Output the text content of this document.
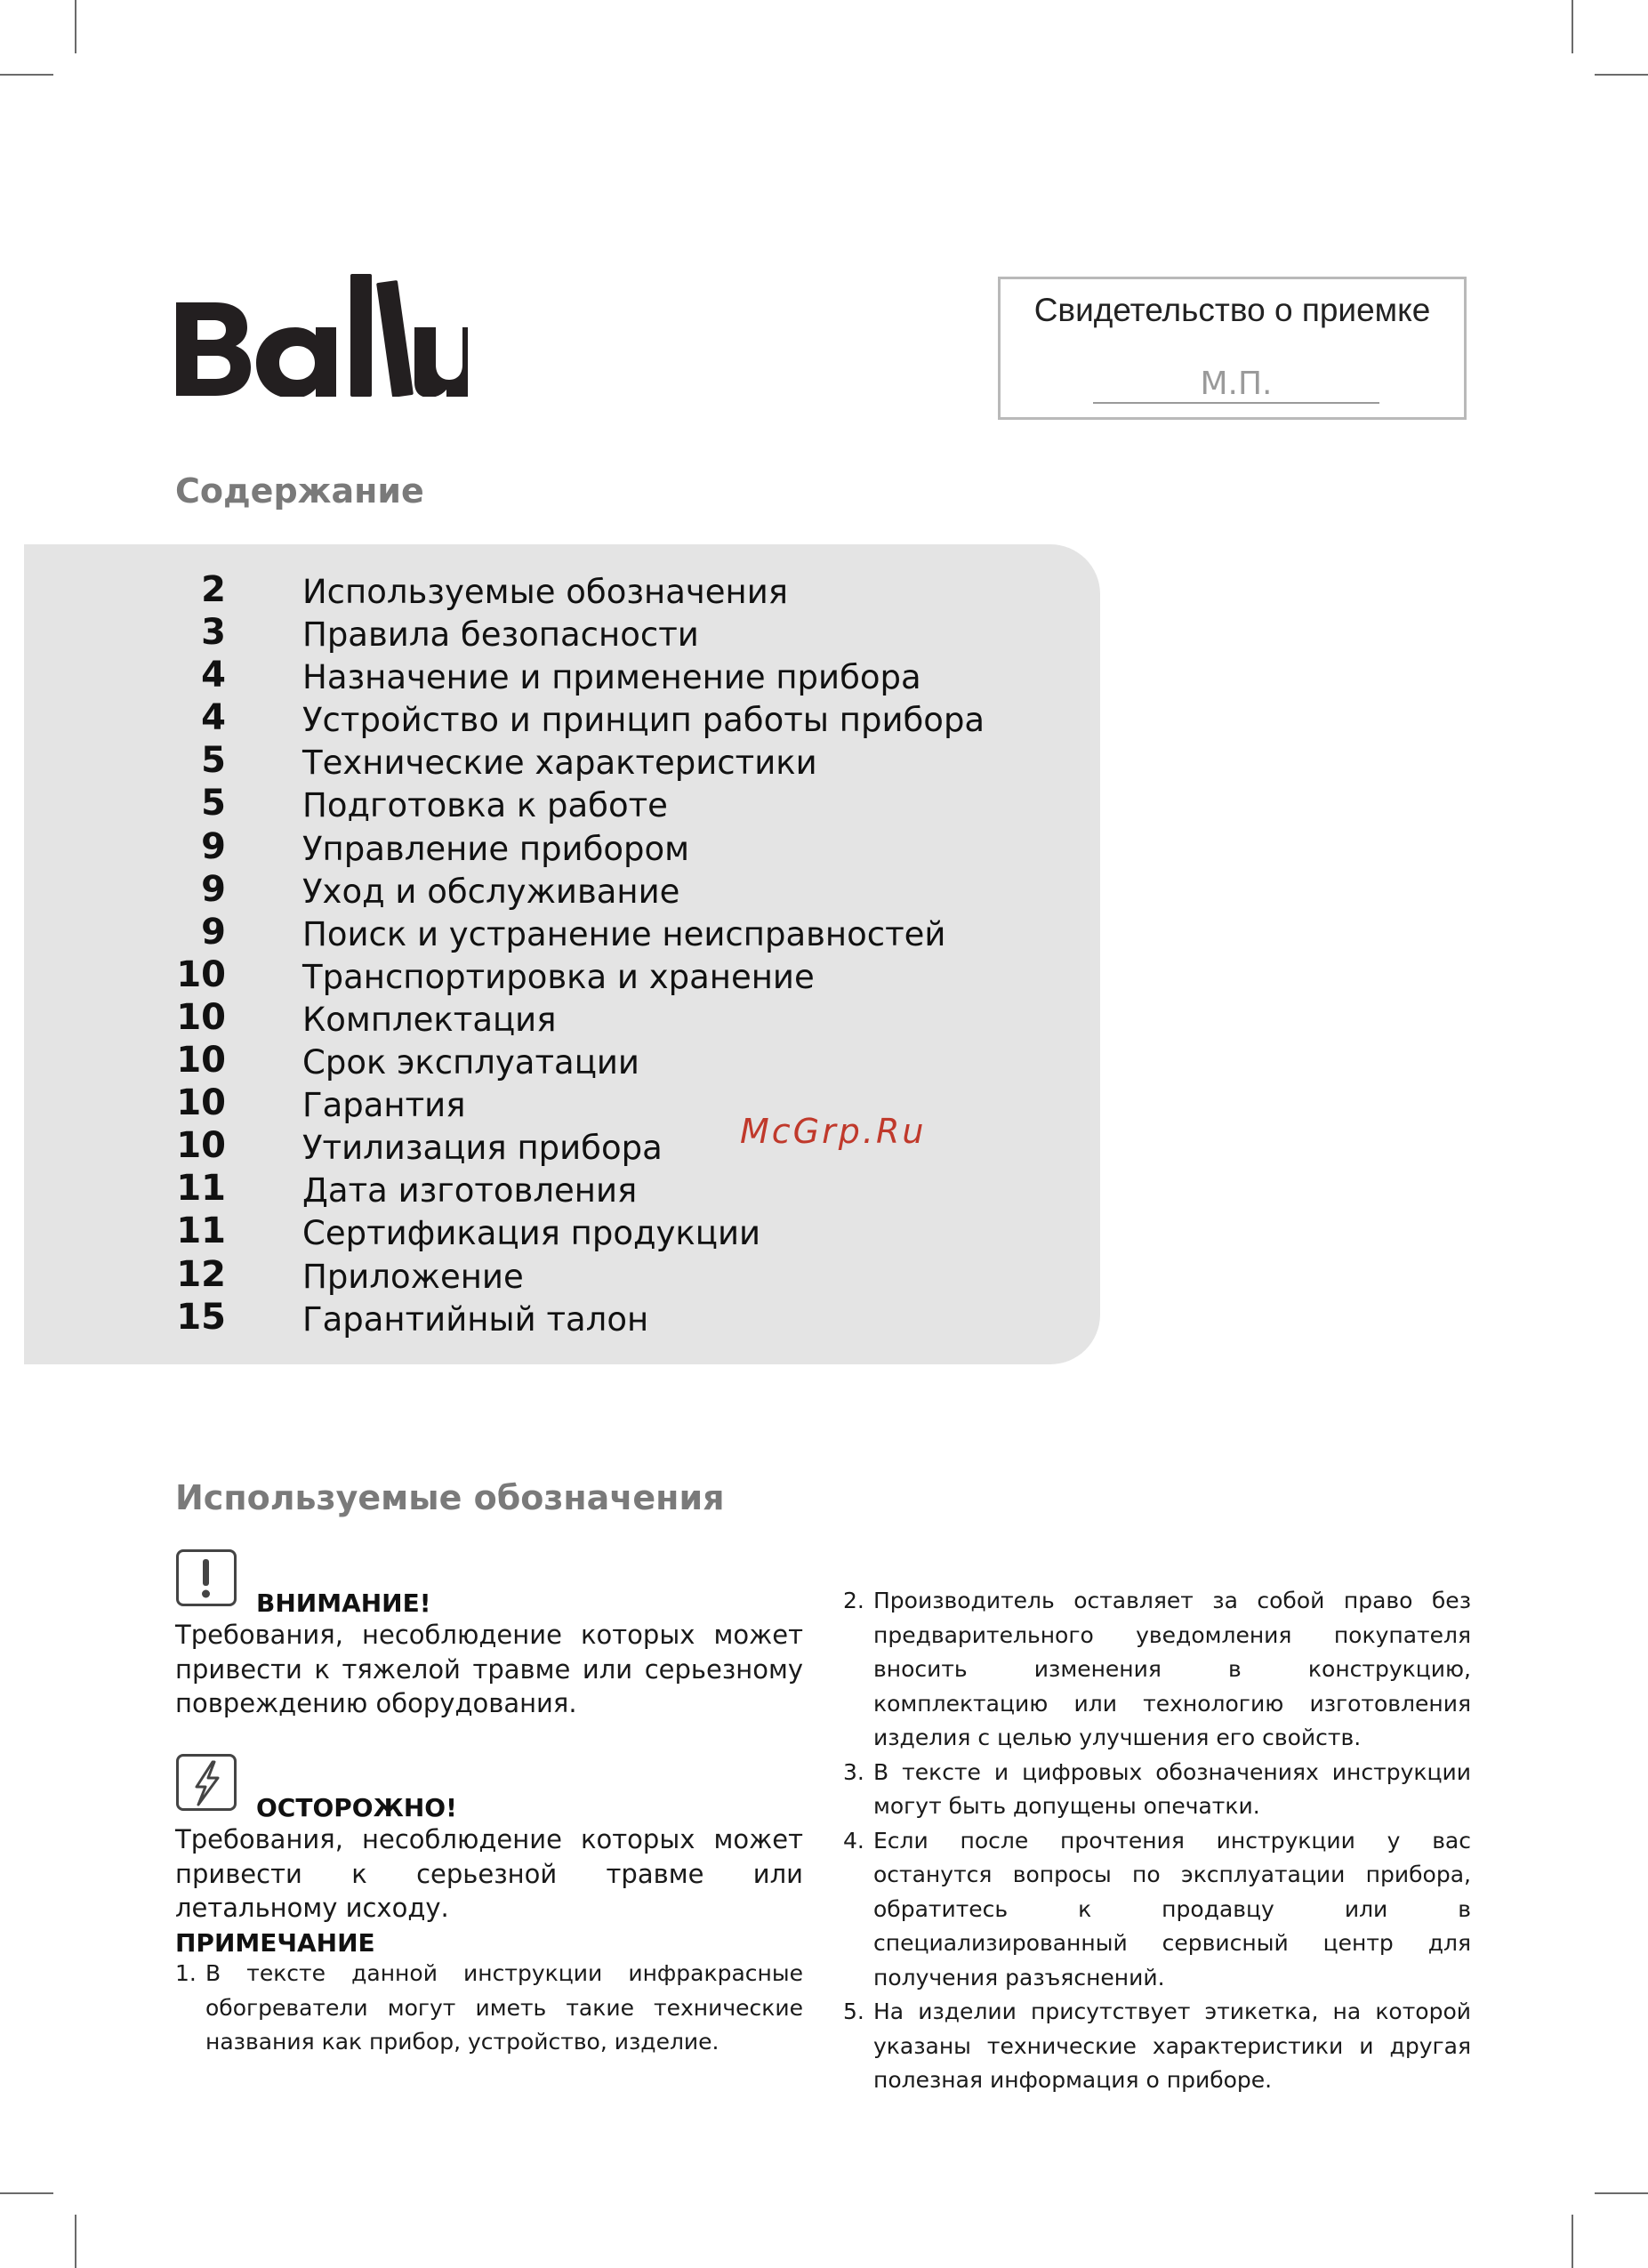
Свидетельство о приемке
М.П.
Содержание
2 Используемые обозначения
3 Правила безопасности
4 Назначение и применение прибора
4 Устройство и принцип работы прибора
5 Технические характеристики
5 Подготовка к работе
9 Управление прибором
9 Уход и обслуживание
9 Поиск и устранение неисправностей
10 Транспортировка и хранение
10 Комплектация
10 Срок эксплуатации
10 Гарантия
10 Утилизация прибора
11 Дата изготовления
11 Сертификация продукции
12 Приложение
15 Гарантийный талон
McGrp.Ru
Используемые обозначения
ВНИМАНИЕ!
Требования, несоблюдение которых может привести к тяжелой травме или серьезному повреждению оборудования.
ОСТОРОЖНО!
Требования, несоблюдение которых может привести к серьезной травме или летальному исходу.
ПРИМЕЧАНИЕ
1. В тексте данной инструкции инфракрасные обогреватели могут иметь такие технические названия как прибор, устройство, изделие.
2. Производитель оставляет за собой право без предварительного уведомления покупателя вносить изменения в конструкцию, комплектацию или технологию изготовления изделия с целью улучшения его свойств.
3. В тексте и цифровых обозначениях инструкции могут быть допущены опечатки.
4. Если после прочтения инструкции у вас останутся вопросы по эксплуатации прибора, обратитесь к продавцу или в специализированный сервисный центр для получения разъяснений.
5. На изделии присутствует этикетка, на которой указаны технические характеристики и другая полезная информация о приборе.
